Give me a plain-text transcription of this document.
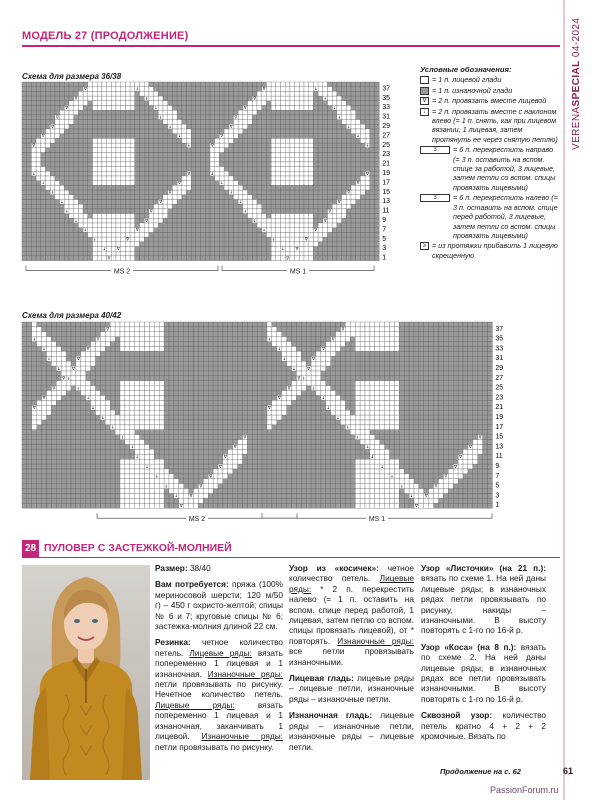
VERENASPECIAL 04-2024
МОДЕЛЬ 27 (ПРОДОЛЖЕНИЕ)
Схема для размера 36/38
∇	↓	∇	↓
∇	↓	∇	↓
∇	↓	∇	↓
∇	↓	∇	↓
∇	↓	∇	↓
∇	↓	∇	↓
∇	↓	∇	↓
↓	∇	↓	∇
↓	∇	↓	∇
↓	∇	↓	∇
↓	∇	↓	∇
↓	∇	↓	∇
↓	∇	↓	∇
↓	∇	↓	∇
↓	∇	↓	∇
↓	∇	↓	∇
∇	∇
37
35
33
31
29
27
25
23
21
19
17
15
13
11
9
7
5
3
1
MS 2	MS 1
Схема для размера 40/42
∇	∇
↓	∇	↓	∇
↓	∇	↓	∇
↓	∇	↓	∇
↓	∇	↓	∇
∇ ↓	∇ ↓
∇	↓	∇	↓
∇	↓	∇	↓
∇	↓	∇	↓
↓	↓
↓	↓
↓	∇	↓	∇
↓	∇	↓	∇
↓	∇	↓	∇
↓	∇	↓	∇
↓	∇	↓	∇
↓	∇	↓	∇
↓	∇	↓	∇
∇	∇
37
35
33
31
29
27
25
23
21
19
17
15
13
11
9
7
5
3
1
MS 2	MS 1
Условные обозначения:
= 1 п. лицевой глади
= 1 п. изнаночной глади
∇ = 2 п. провязать вместе лицевой
↓ = 2 п. провязать вместе с наклоном влево (= 1 п. снять, как при лицевом вязании, 1 лицевая, затем протянуть ее через снятую петлю)
3	= 6 п. перекрестить направо (= 3 п. оставить на вспом. спице за работой, 3 лицевые, затем петли со вспом. спицы провязать лицевыми)
3	= 6 п. перекрестить налево (= 3 п. оставить на вспом. спице перед работой, 3 лицевые, затем петли со вспом. спицы провязать лицевыми)
≥ = из протяжки прибавить 1 лицевую скрещенную
28 ПУЛОВЕР С ЗАСТЕЖКОЙ-МОЛНИЕЙ

Размер: 38/40

Вам потребуется: пряжа (100% мериносовой шерсти; 120 м/50 г) – 450 г охристо-желтой; спицы № 6 и 7; круговые спицы № 6; застежка-молния длиной 22 см.

Резинка: четное количество петель. Лицевые ряды: вязать попеременно 1 лицевая и 1 изнаночная. Изнаночные ряды: петли провязывать по рисунку. Нечетное количество петель. Лицевые ряды: вязать попеременно 1 лицевая и 1 изнаночная, заканчивать 1 лицевой. Изнаночные ряды: петли провязывать по рисунку.

Узор из «косичек»: четное количество петель. Лицевые ряды: * 2 п. перекрестить налево (= 1 п. оставить на вспом. спице перед работой, 1 лицевая, затем петлю со вспом. спицы провязать лицевой), от * повторять. Изнаночные ряды: все петли провязывать изнаночными.

Лицевая гладь: лицевые ряды – лицевые петли, изнаночные ряды – изнаночные петли.

Изнаночная гладь: лицевые ряды – изнаночные петли, изнаночные ряды – лицевые петли.

Узор «Листочки» (на 21 п.): вязать по схеме 1. На ней даны лицевые ряды; в изнаночных рядах петли провязывать по рисунку, накиды – изнаночными. В высоту повторять с 1-го по 16-й р.

Узор «Коса» (на 8 п.): вязать по схеме 2. На ней даны лицевые ряды; в изнаночных рядах все петли провязывать изнаночными. В высоту повторять с 1-го по 16-й р.

Сквозной узор: количество петель кратно 4 + 2 + 2 кромочные. Вязать по

Продолжение на с. 62	61
PassionForum.ru
